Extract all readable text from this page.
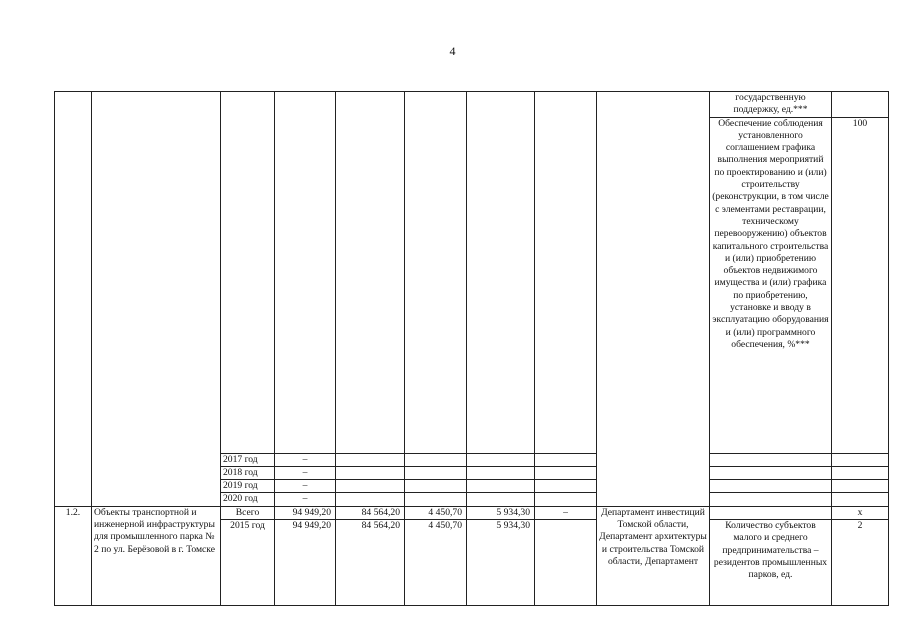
4
									государственную поддержку, ед.***	
									Обеспечение соблюдения установленного соглашением графика выполнения мероприятий по проектированию и (или) строительству (реконструкции, в том числе с элементами реставрации, техническому перевооружению) объектов капитального строительства и (или) приобретению объектов недвижимого имущества и (или) графика по приобретению, установке и вводу в эксплуатацию оборудования и (или) программного обеспечения, %***	100
		2017 год	–							
		2018 год	–							
		2019 год	–							
		2020 год	–							
1.2.	Объекты транспортной и инженерной инфраструктуры для промышленного парка № 2 по ул. Берёзовой в г. Томске	Всего	94 949,20	84 564,20	4 450,70	5 934,30	–	Департамент инвестиций Томской области, Департамент архитектуры и строительства Томской области, Департамент		х
		2015 год	94 949,20	84 564,20	4 450,70	5 934,30			Количество субъектов малого и среднего предпринимательства – резидентов промышленных парков, ед.	2
